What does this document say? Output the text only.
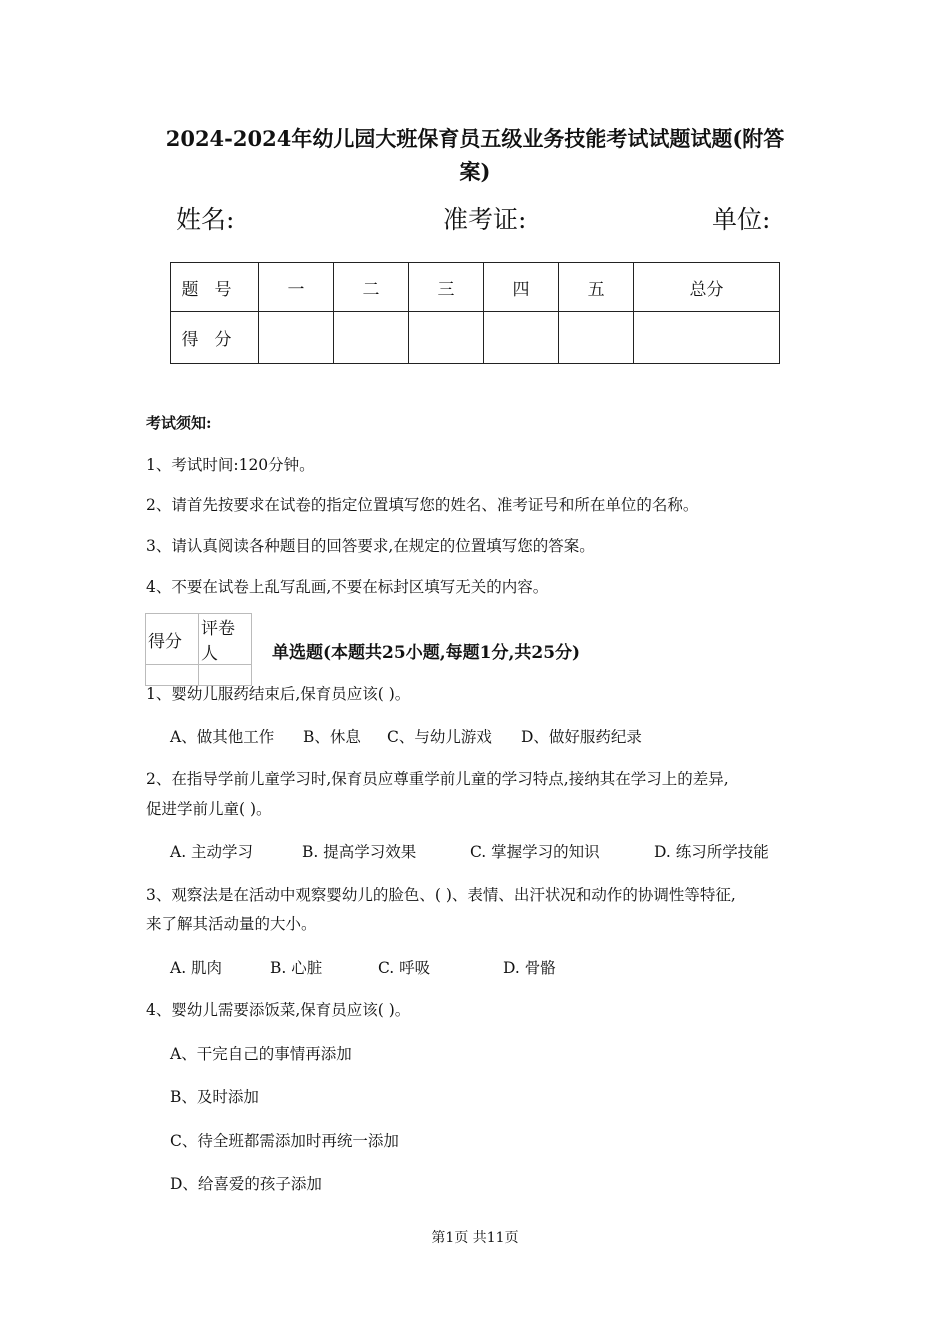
2024-2024年幼儿园大班保育员五级业务技能考试试题试题(附答
案)
姓名:	准考证:	单位:
题号	一	二	三	四	五	总分
得分						
考试须知:
1、考试时间:120分钟。
2、请首先按要求在试卷的指定位置填写您的姓名、准考证号和所在单位的名称。
3、请认真阅读各种题目的回答要求,在规定的位置填写您的答案。
4、不要在试卷上乱写乱画,不要在标封区填写无关的内容。
得分	评卷人
		单选题(本题共25小题,每题1分,共25分)
1、婴幼儿服药结束后,保育员应该( )。
A、做其他工作 B、休息 C、与幼儿游戏 D、做好服药纪录
2、在指导学前儿童学习时,保育员应尊重学前儿童的学习特点,接纳其在学习上的差异,
促进学前儿童( )。
A. 主动学习	B. 提高学习效果	C. 掌握学习的知识	D. 练习所学技能
3、观察法是在活动中观察婴幼儿的脸色、( )、表情、出汗状况和动作的协调性等特征,
来了解其活动量的大小。
A. 肌肉	B. 心脏	C. 呼吸	D. 骨骼
4、婴幼儿需要添饭菜,保育员应该( )。
A、干完自己的事情再添加
B、及时添加
C、待全班都需添加时再统一添加
D、给喜爱的孩子添加
第1页 共11页
